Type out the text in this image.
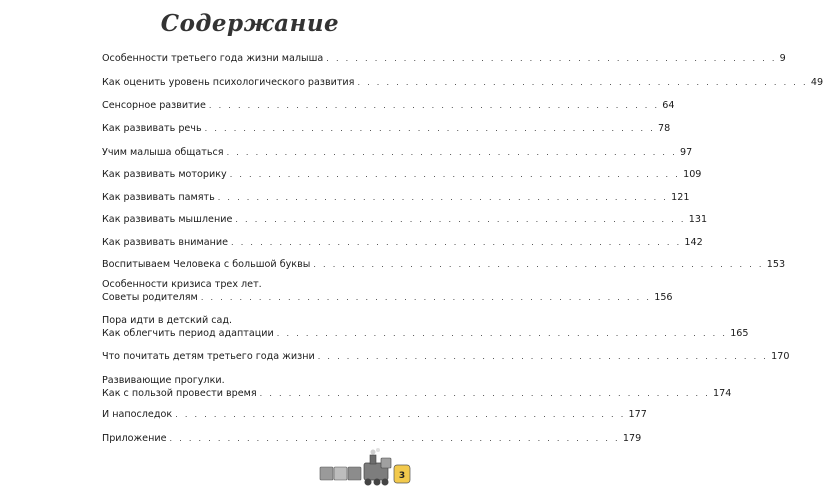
Содержание
Особенности третьего года жизни малыша . . . . . . . . . . . . . . . . . . . . . . . . . . . . . . . . . . . . . . . . . . . . . . . 9
Как оценить уровень психологического развития . . . . . . . . . . . . . . . . . . . . . . . . . . . . . . . . . . . . . . . . . . . . . . . 49
Сенсорное развитие . . . . . . . . . . . . . . . . . . . . . . . . . . . . . . . . . . . . . . . . . . . . . . . 64
Как развивать речь . . . . . . . . . . . . . . . . . . . . . . . . . . . . . . . . . . . . . . . . . . . . . . . 78
Учим малыша общаться . . . . . . . . . . . . . . . . . . . . . . . . . . . . . . . . . . . . . . . . . . . . . . . 97
Как развивать моторику . . . . . . . . . . . . . . . . . . . . . . . . . . . . . . . . . . . . . . . . . . . . . . . 109
Как развивать память . . . . . . . . . . . . . . . . . . . . . . . . . . . . . . . . . . . . . . . . . . . . . . . 121
Как развивать мышление . . . . . . . . . . . . . . . . . . . . . . . . . . . . . . . . . . . . . . . . . . . . . . . 131
Как развивать внимание . . . . . . . . . . . . . . . . . . . . . . . . . . . . . . . . . . . . . . . . . . . . . . . 142
Воспитываем Человека с большой буквы . . . . . . . . . . . . . . . . . . . . . . . . . . . . . . . . . . . . . . . . . . . . . . . 153
Особенности кризиса трех лет.
Советы родителям . . . . . . . . . . . . . . . . . . . . . . . . . . . . . . . . . . . . . . . . . . . . . . . 156
Пора идти в детский сад.
Как облегчить период адаптации . . . . . . . . . . . . . . . . . . . . . . . . . . . . . . . . . . . . . . . . . . . . . . . 165
Что почитать детям третьего года жизни . . . . . . . . . . . . . . . . . . . . . . . . . . . . . . . . . . . . . . . . . . . . . . . 170
Развивающие прогулки.
Как с пользой провести время . . . . . . . . . . . . . . . . . . . . . . . . . . . . . . . . . . . . . . . . . . . . . . . 174
И напоследок . . . . . . . . . . . . . . . . . . . . . . . . . . . . . . . . . . . . . . . . . . . . . . . 177
Приложение . . . . . . . . . . . . . . . . . . . . . . . . . . . . . . . . . . . . . . . . . . . . . . . 179
3
